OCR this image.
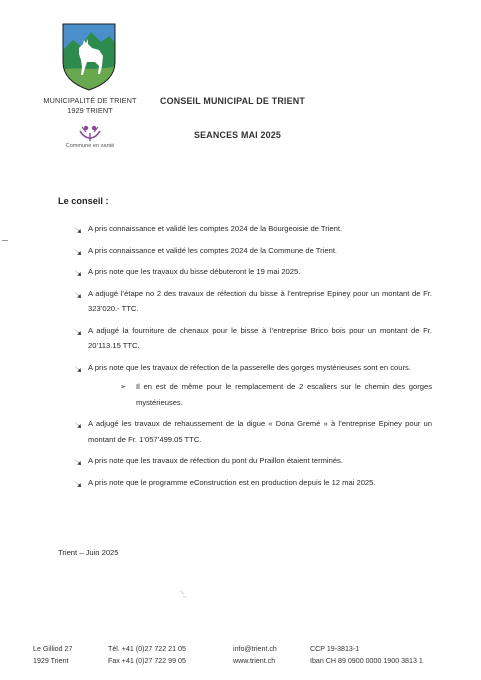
MUNICIPALITÉ DE TRIENT
1929 TRIENT
Commune en santé
CONSEIL MUNICIPAL DE TRIENT
SEANCES MAI 2025
Le conseil :
A pris connaissance et validé les comptes 2024 de la Bourgeoisie de Trient.
A pris connaissance et validé les comptes 2024 de la Commune de Trient.
A pris note que les travaux du bisse débuteront le 19 mai 2025.
A adjugé l’étape no 2 des travaux de réfection du bisse à l’entreprise Epiney pour un montant de Fr. 323’020.- TTC.
A adjugé la fourniture de chenaux pour le bisse à l’entreprise Brico bois pour un montant de Fr. 20’113.15 TTC.
A pris note que les travaux de réfection de la passerelle des gorges mystérieuses sont en cours.
➢ Il en est de même pour le remplacement de 2 escaliers sur le chemin des gorges mystérieuses.
A adjugé les travaux de rehaussement de la digue « Dona Gremé » à l’entreprise Epiney pour un montant de Fr. 1’057’499.05 TTC.
A pris note que les travaux de réfection du pont du Praillon étaient terminés.
A pris note que le programme eConstruction est en production depuis le 12 mai 2025.
Trient – Juin 2025
Le Gilliod 27
1929 Trient
Tél. +41 (0)27 722 21 05
Fax +41 (0)27 722 99 05
info@trient.ch
www.trient.ch
CCP 19-3813-1
Iban CH 89 0900 0000 1900 3813 1
